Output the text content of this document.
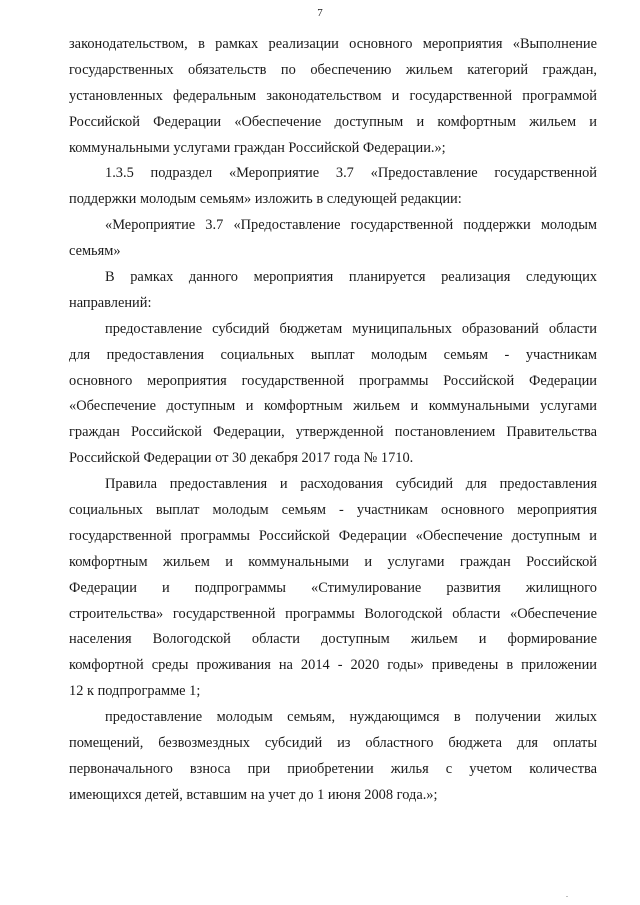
7
законодательством, в рамках реализации основного мероприятия «Выполнение
государственных обязательств по обеспечению жильем категорий граждан,
установленных федеральным законодательством и государственной программой
Российской Федерации «Обеспечение доступным и комфортным жильем и
коммунальными услугами граждан Российской Федерации.»;
1.3.5 подраздел «Мероприятие 3.7 «Предоставление государственной
поддержки молодым семьям» изложить в следующей редакции:
«Мероприятие 3.7 «Предоставление государственной поддержки молодым
семьям»
В рамках данного мероприятия планируется реализация следующих
направлений:
предоставление субсидий бюджетам муниципальных образований области
для предоставления социальных выплат молодым семьям - участникам
основного мероприятия государственной программы Российской Федерации
«Обеспечение доступным и комфортным жильем и коммунальными услугами
граждан Российской Федерации, утвержденной постановлением Правительства
Российской Федерации от 30 декабря 2017 года № 1710.
Правила предоставления и расходования субсидий для предоставления
социальных выплат молодым семьям - участникам основного мероприятия
государственной программы Российской Федерации «Обеспечение доступным и
комфортным жильем и коммунальными и услугами граждан Российской
Федерации и подпрограммы «Стимулирование развития жилищного
строительства» государственной программы Вологодской области «Обеспечение
населения Вологодской области доступным жильем и формирование
комфортной среды проживания на 2014 - 2020 годы» приведены в приложении
12 к подпрограмме 1;
предоставление молодым семьям, нуждающимся в получении жилых
помещений, безвозмездных субсидий из областного бюджета для оплаты
первоначального взноса при приобретении жилья с учетом количества
имеющихся детей, вставшим на учет до 1 июня 2008 года.»;
.
